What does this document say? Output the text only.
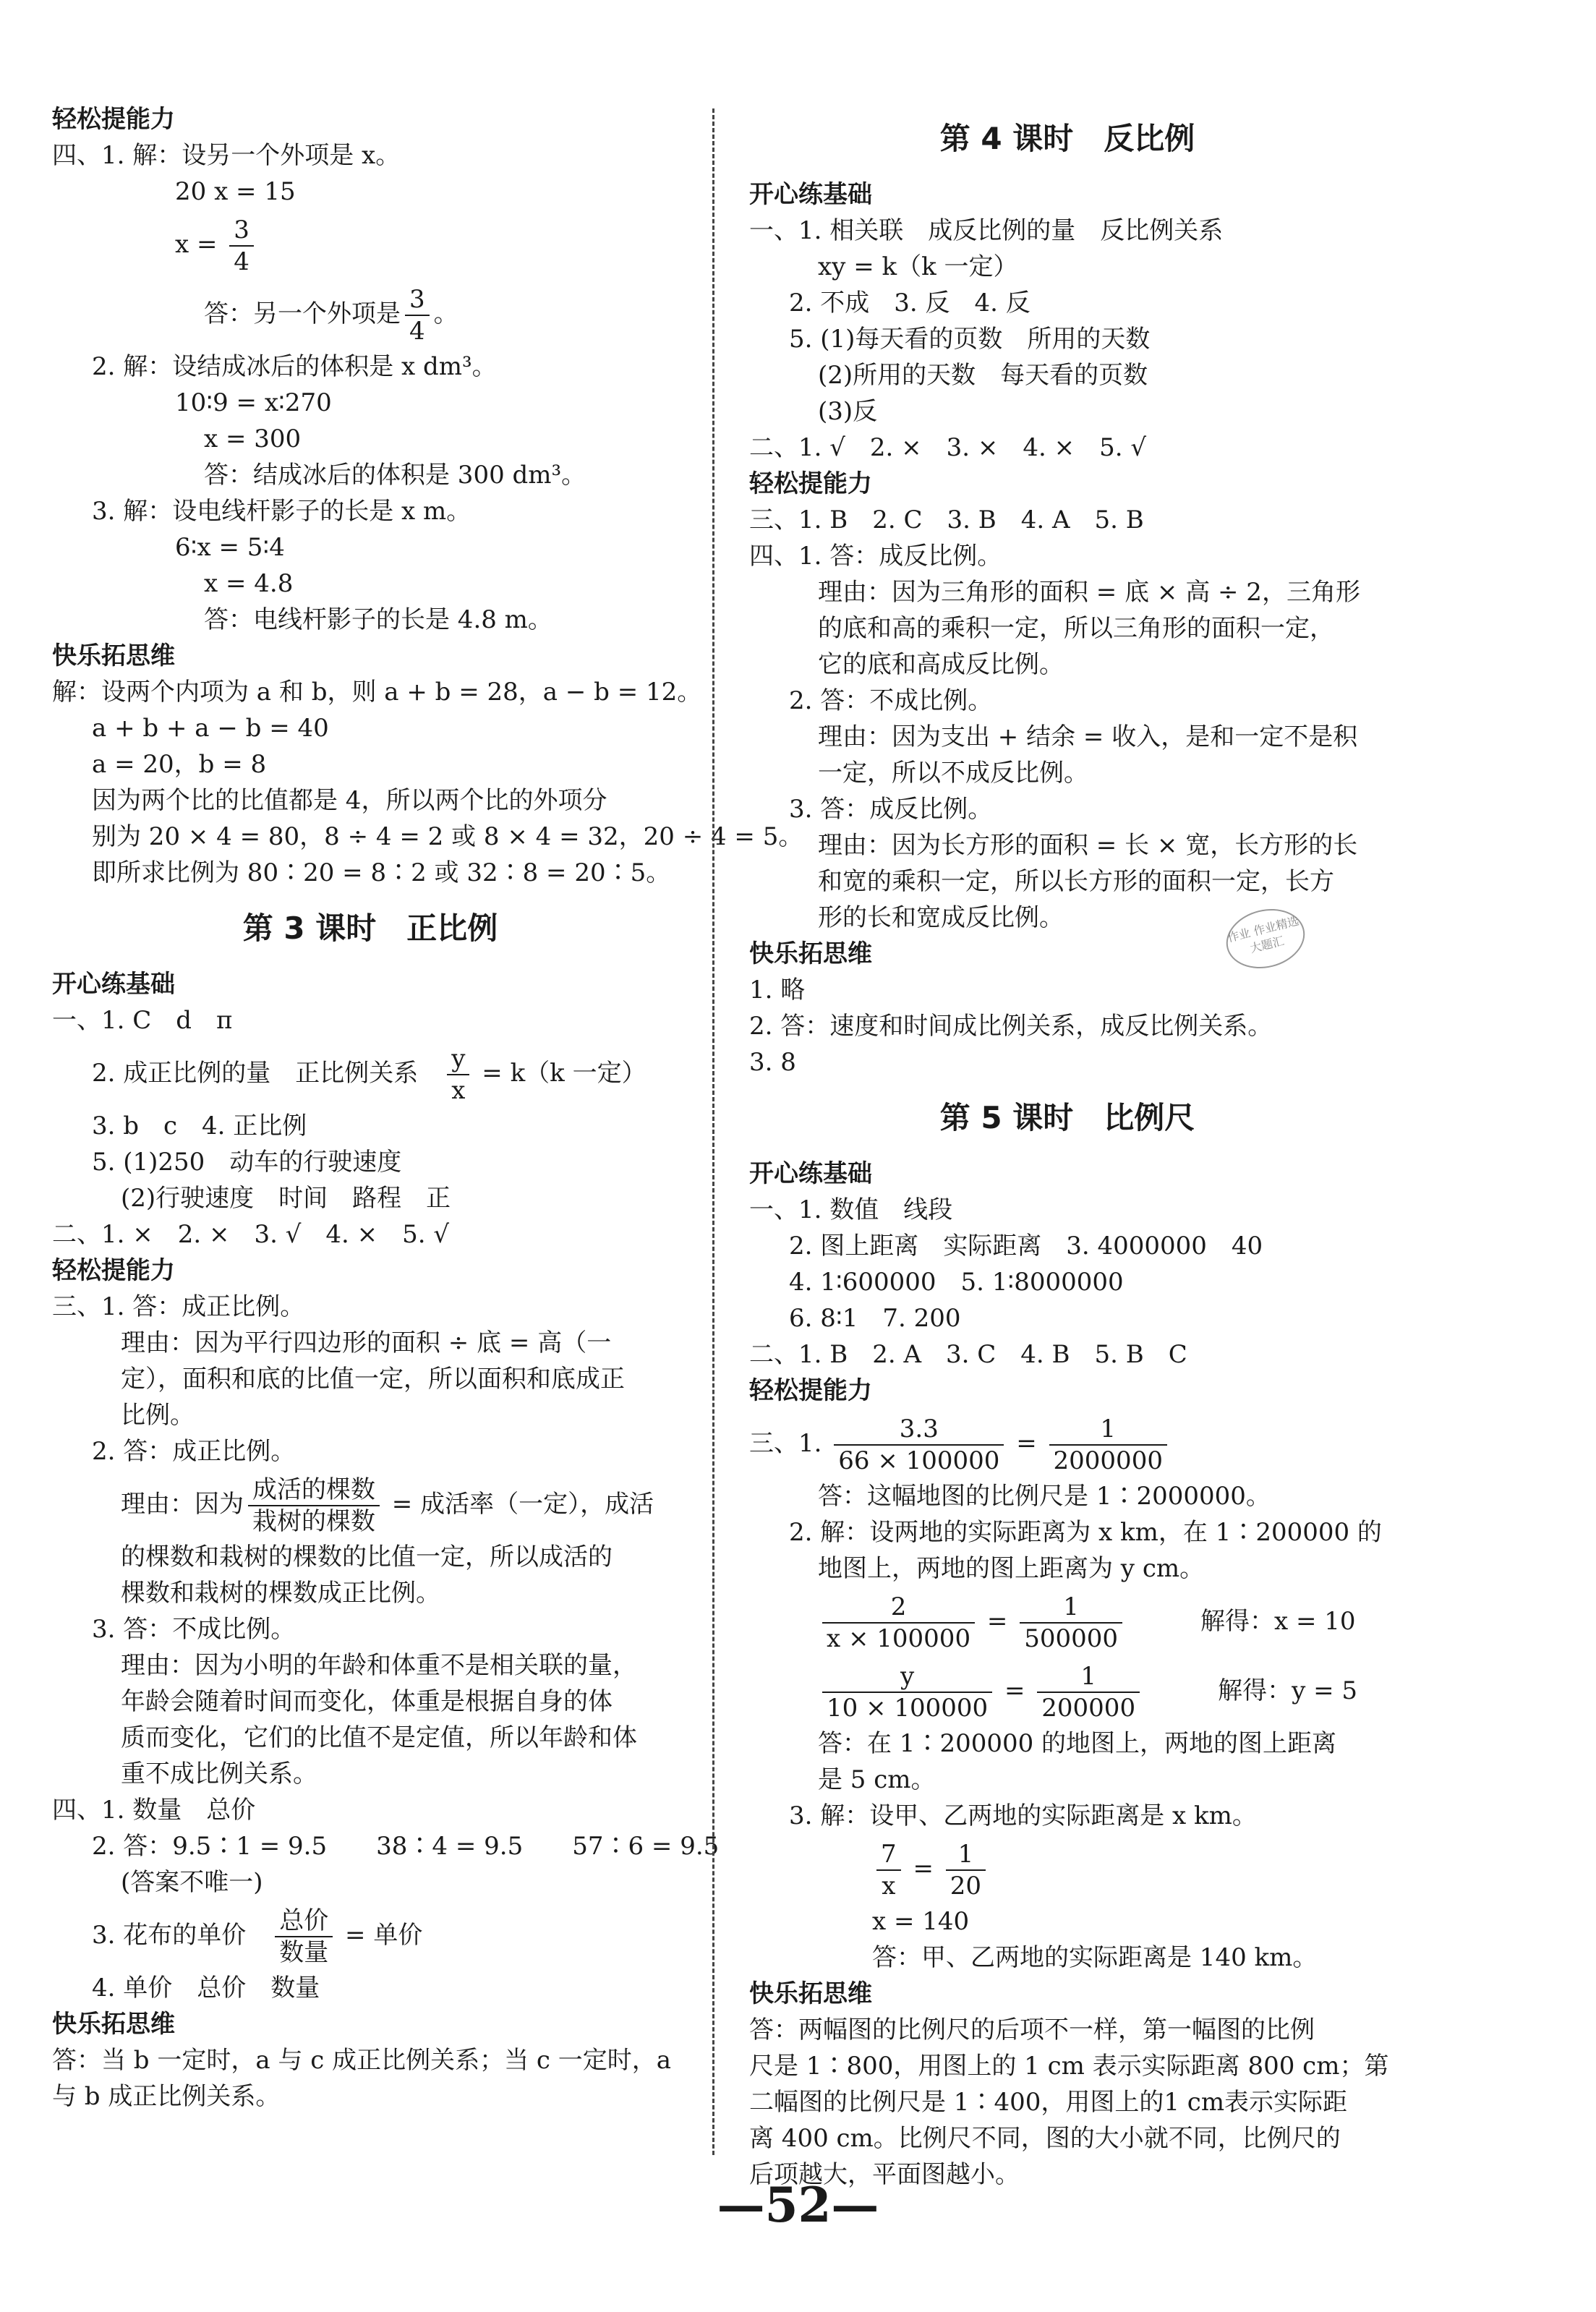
轻松提能力
四、1. 解：设另一个外项是 x。
20 x = 15
$x = \frac{3}{4}$
答：另一个外项是 $\frac{3}{4}$ 。
2. 解：设结成冰后的体积是 x dm³。
10∶9 = x∶270
x = 300
答：结成冰后的体积是 300 dm³。
3. 解：设电线杆影子的长是 x m。
6∶x = 5∶4
x = 4.8
答：电线杆影子的长是 4.8 m。
快乐拓思维
解：设两个内项为 a 和 b，则 a + b = 28，a − b = 12。
a + b + a − b = 40
a = 20，b = 8
因为两个比的比值都是 4，所以两个比的外项分
别为 20 × 4 = 80，8 ÷ 4 = 2 或 8 × 4 = 32，20 ÷ 4 = 5。
即所求比例为 80∶20 = 8∶2 或 32∶8 = 20∶5。
第 3 课时　正比例
开心练基础
一、1. C　d　π
2. 成正比例的量　正比例关系　 $\frac{y}{x} = k(k$ 一定）
3. b　c　4. 正比例
5. (1)250　动车的行驶速度
(2)行驶速度　时间　路程　正
二、1. ×　2. ×　3. √　4. ×　5. √
轻松提能力
三、1. 答：成正比例。
理由：因为平行四边形的面积 ÷ 底 = 高（一
定），面积和底的比值一定，所以面积和底成正
比例。
2. 答：成正比例。
理由：因为 $\frac{\text{成活的棵数}}{\text{栽树的棵数}}$ = 成活率（一定），成活
的棵数和栽树的棵数的比值一定，所以成活的
棵数和栽树的棵数成正比例。
3. 答：不成比例。
理由：因为小明的年龄和体重不是相关联的量，
年龄会随着时间而变化，体重是根据自身的体
质而变化，它们的比值不是定值，所以年龄和体
重不成比例关系。
四、1. 数量　总价
2. 答：9.5∶1 = 9.5　　38∶4 = 9.5　　57∶6 = 9.5
(答案不唯一)
3. 花布的单价　 $\frac{\text{总价}}{\text{数量}}$ = 单价
4. 单价　总价　数量
快乐拓思维
答：当 b 一定时，a 与 c 成正比例关系；当 c 一定时，a
与 b 成正比例关系。
第 4 课时　反比例
开心练基础
一、1. 相关联　成反比例的量　反比例关系
xy = k（k 一定）
2. 不成　3. 反　4. 反
5. (1)每天看的页数　所用的天数
(2)所用的天数　每天看的页数
(3)反
二、1. √　2. ×　3. ×　4. ×　5. √
轻松提能力
三、1. B　2. C　3. B　4. A　5. B
四、1. 答：成反比例。
理由：因为三角形的面积 = 底 × 高 ÷ 2，三角形
的底和高的乘积一定，所以三角形的面积一定，
它的底和高成反比例。
2. 答：不成比例。
理由：因为支出 + 结余 = 收入，是和一定不是积
一定，所以不成反比例。
3. 答：成反比例。
理由：因为长方形的面积 = 长 × 宽，长方形的长
和宽的乘积一定，所以长方形的面积一定，长方
形的长和宽成反比例。
快乐拓思维
1. 略
2. 答：速度和时间成比例关系，成反比例关系。
3. 8
第 5 课时　比例尺
开心练基础
一、1. 数值　线段
2. 图上距离　实际距离　3. 4000000　40
4. 1∶600000　5. 1∶8000000
6. 8∶1　7. 200
二、1. B　2. A　3. C　4. B　5. B　C
轻松提能力
三、1. $\frac{3.3}{66 \times 100000} = \frac{1}{2000000}$
答：这幅地图的比例尺是 1∶2000000。
2. 解：设两地的实际距离为 x km，在 1∶200000 的
地图上，两地的图上距离为 y cm。
$\frac{2}{x \times 100000} = \frac{1}{500000}$ 　　　解得：x = 10
$\frac{y}{10 \times 100000} = \frac{1}{200000}$ 　　　解得：y = 5
答：在 1∶200000 的地图上，两地的图上距离
是 5 cm。
3. 解：设甲、乙两地的实际距离是 x km。
$\frac{7}{x} = \frac{1}{20}$
x = 140
答：甲、乙两地的实际距离是 140 km。
快乐拓思维
答：两幅图的比例尺的后项不一样，第一幅图的比例
尺是 1∶800，用图上的 1 cm 表示实际距离 800 cm；第
二幅图的比例尺是 1∶400，用图上的1 cm表示实际距
离 400 cm。比例尺不同，图的大小就不同，比例尺的
后项越大，平面图越小。
作业 作业精选大题汇
—52—
